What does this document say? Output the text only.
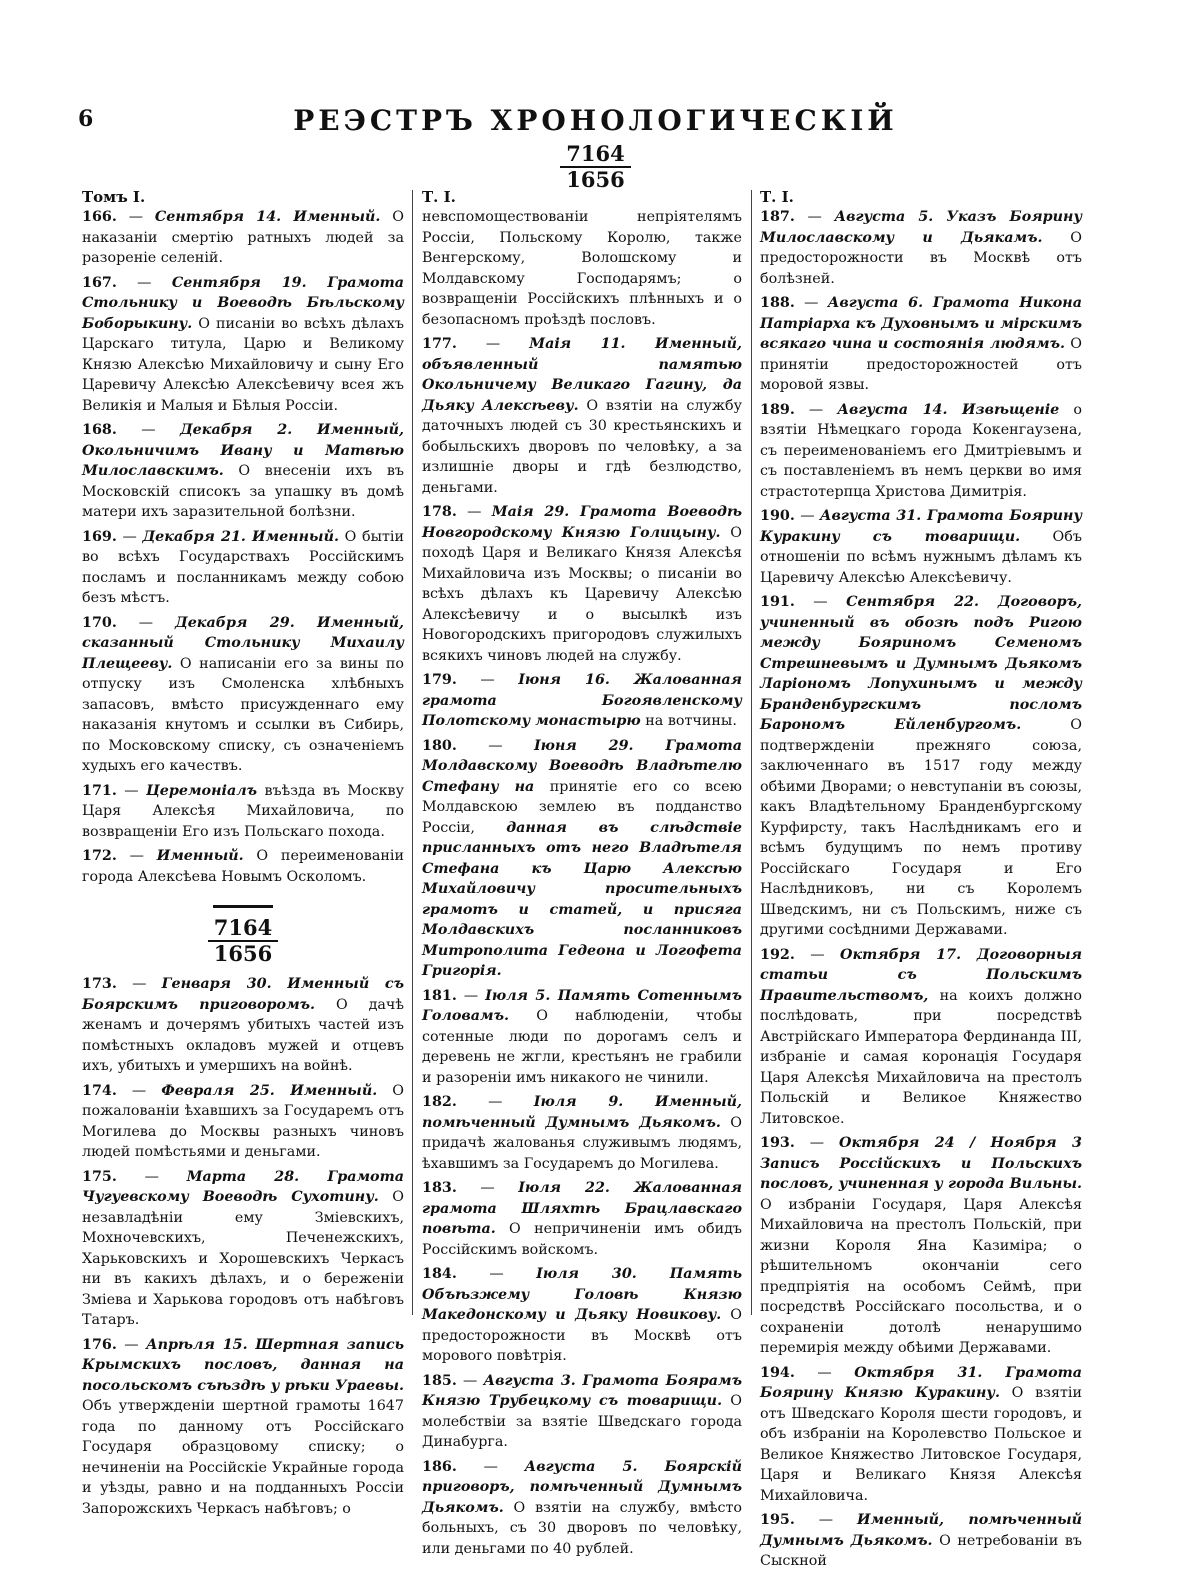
6	РЕЭСТРЪ ХРОНОЛОГИЧЕСКІЙ
7164
1656
Томъ I.
166. — Сентября 14. Именный. О наказаніи смертію ратныхъ людей за разореніе селеній.
167. — Сентября 19. Грамота Стольнику и Воеводѣ Бѣльскому Боборыкину. О писаніи во всѣхъ дѣлахъ Царскаго титула, Царю и Великому Князю Алексѣю Михайловичу и сыну Его Царевичу Алексѣю Алексѣевичу всея жъ Великія и Малыя и Бѣлыя Россіи.
168. — Декабря 2. Именный, Окольничимъ Ивану и Матвѣю Милославскимъ. О внесеніи ихъ въ Московскій списокъ за упашку въ домѣ матери ихъ заразительной болѣзни.
169. — Декабря 21. Именный. О бытіи во всѣхъ Государствахъ Россійскимъ посламъ и посланникамъ между собою безъ мѣстъ.
170. — Декабря 29. Именный, сказанный Стольнику Михаилу Плещееву. О написаніи его за вины по отпуску изъ Смоленска хлѣбныхъ запасовъ, вмѣсто присужденнаго ему наказанія кнутомъ и ссылки въ Сибирь, по Московскому списку, съ означеніемъ худыхъ его качествъ.
171. — Церемоніалъ въѣзда въ Москву Царя Алексѣя Михайловича, по возвращеніи Его изъ Польскаго похода.
172. — Именный. О переименованіи города Алексѣева Новымъ Осколомъ.
7164
1656
173. — Генваря 30. Именный съ Боярскимъ приговоромъ. О дачѣ женамъ и дочерямъ убитыхъ частей изъ помѣстныхъ окладовъ мужей и отцевъ ихъ, убитыхъ и умершихъ на войнѣ.
174. — Февраля 25. Именный. О пожалованіи ѣхавшихъ за Государемъ отъ Могилева до Москвы разныхъ чиновъ людей помѣстьями и деньгами.
175. — Марта 28. Грамота Чугуевскому Воеводѣ Сухотину. О незавладѣніи ему Зміевскихъ, Мохночевскихъ, Печенежскихъ, Харьковскихъ и Хорошевскихъ Черкасъ ни въ какихъ дѣлахъ, и о береженіи Зміева и Харькова городовъ отъ набѣговъ Татаръ.
176. — Апрѣля 15. Шертная запись Крымскихъ пословъ, данная на посольскомъ съѣздѣ у рѣки Ураевы. Объ утвержденіи шертной грамоты 1647 года по данному отъ Россійскаго Государя образцовому списку; о нечиненіи на Россійскіе Украйные города и уѣзды, равно и на подданныхъ Россіи Запорожскихъ Черкасъ набѣговъ; о
Т. I.
невспомоществованіи непріятелямъ Россіи, Польскому Королю, также Венгерскому, Волошскому и Молдавскому Господарямъ; о возвращеніи Россійскихъ плѣнныхъ и о безопасномъ проѣздѣ пословъ.
177. — Маія 11. Именный, объявленный памятью Окольничему Великаго Гагину, да Дьяку Алексѣеву. О взятіи на службу даточныхъ людей съ 30 крестьянскихъ и бобыльскихъ дворовъ по человѣку, а за излишніе дворы и гдѣ безлюдство, деньгами.
178. — Маія 29. Грамота Воеводѣ Новгородскому Князю Голицыну. О походѣ Царя и Великаго Князя Алексѣя Михайловича изъ Москвы; о писаніи во всѣхъ дѣлахъ къ Царевичу Алексѣю Алексѣевичу и о высылкѣ изъ Новогородскихъ пригородовъ служилыхъ всякихъ чиновъ людей на службу.
179. — Іюня 16. Жалованная грамота Богоявленскому Полотскому монастырю на вотчины.
180. — Іюня 29. Грамота Молдавскому Воеводѣ Владѣтелю Стефану на принятіе его со всею Молдавскою землею въ подданство Россіи, данная въ слѣдствіе присланныхъ отъ него Владѣтеля Стефана къ Царю Алексѣю Михайловичу просительныхъ грамотъ и статей, и присяга Молдавскихъ посланниковъ Митрополита Гедеона и Логофета Григорія.
181. — Іюля 5. Память Сотеннымъ Головамъ. О наблюденіи, чтобы сотенные люди по дорогамъ селъ и деревень не жгли, крестьянъ не грабили и разореніи имъ никакого не чинили.
182. — Іюля 9. Именный, помѣченный Думнымъ Дьякомъ. О придачѣ жалованья служивымъ людямъ, ѣхавшимъ за Государемъ до Могилева.
183. — Іюля 22. Жалованная грамота Шляхтѣ Брацлавскаго повѣта. О непричиненіи имъ обидъ Россійскимъ войскомъ.
184. — Іюля 30. Память Объѣзжему Головѣ Князю Македонскому и Дьяку Новикову. О предосторожности въ Москвѣ отъ морового повѣтрія.
185. — Августа 3. Грамота Боярамъ Князю Трубецкому съ товарищи. О молебствіи за взятіе Шведскаго города Динабурга.
186. — Августа 5. Боярскій приговоръ, помѣченный Думнымъ Дьякомъ. О взятіи на службу, вмѣсто больныхъ, съ 30 дворовъ по человѣку, или деньгами по 40 рублей.
Т. I.
187. — Августа 5. Указъ Боярину Милославскому и Дьякамъ. О предосторожности въ Москвѣ отъ болѣзней.
188. — Августа 6. Грамота Никона Патріарха къ Духовнымъ и мірскимъ всякаго чина и состоянія людямъ. О принятіи предосторожностей отъ моровой язвы.
189. — Августа 14. Извѣщеніе о взятіи Нѣмецкаго города Кокенгаузена, съ переименованіемъ его Дмитріевымъ и съ поставленіемъ въ немъ церкви во имя страстотерпца Христова Димитрія.
190. — Августа 31. Грамота Боярину Куракину съ товарищи. Объ отношеніи по всѣмъ нужнымъ дѣламъ къ Царевичу Алексѣю Алексѣевичу.
191. — Сентября 22. Договоръ, учиненный въ обозѣ подъ Ригою между Бояриномъ Семеномъ Стрешневымъ и Думнымъ Дьякомъ Ларіономъ Лопухинымъ и между Бранденбургскимъ посломъ Барономъ Ейленбургомъ. О подтвержденіи прежняго союза, заключеннаго въ 1517 году между обѣими Дворами; о невступаніи въ союзы, какъ Владѣтельному Бранденбургскому Курфирсту, такъ Наслѣдникамъ его и всѣмъ будущимъ по немъ противу Россійскаго Государя и Его Наслѣдниковъ, ни съ Королемъ Шведскимъ, ни съ Польскимъ, ниже съ другими сосѣдними Державами.
192. — Октября 17. Договорныя статьи съ Польскимъ Правительствомъ, на коихъ должно послѣдовать, при посредствѣ Австрійскаго Императора Фердинанда III, избраніе и самая коронація Государя Царя Алексѣя Михайловича на престолъ Польскій и Великое Княжество Литовское.
193. — Октября 24 / Ноября 3 Записъ Россійскихъ и Польскихъ пословъ, учиненная у города Вильны. О избраніи Государя, Царя Алексѣя Михайловича на престолъ Польскій, при жизни Короля Яна Казиміра; о рѣшительномъ окончаніи сего предпріятія на особомъ Сеймѣ, при посредствѣ Россійскаго посольства, и о сохраненіи дотолѣ ненарушимо перемирія между обѣими Державами.
194. — Октября 31. Грамота Боярину Князю Куракину. О взятіи отъ Шведскаго Короля шести городовъ, и объ избраніи на Королевство Польское и Великое Княжество Литовское Государя, Царя и Великаго Князя Алексѣя Михайловича.
195. — Именный, помѣченный Думнымъ Дьякомъ. О нетребованіи въ Сыскной
